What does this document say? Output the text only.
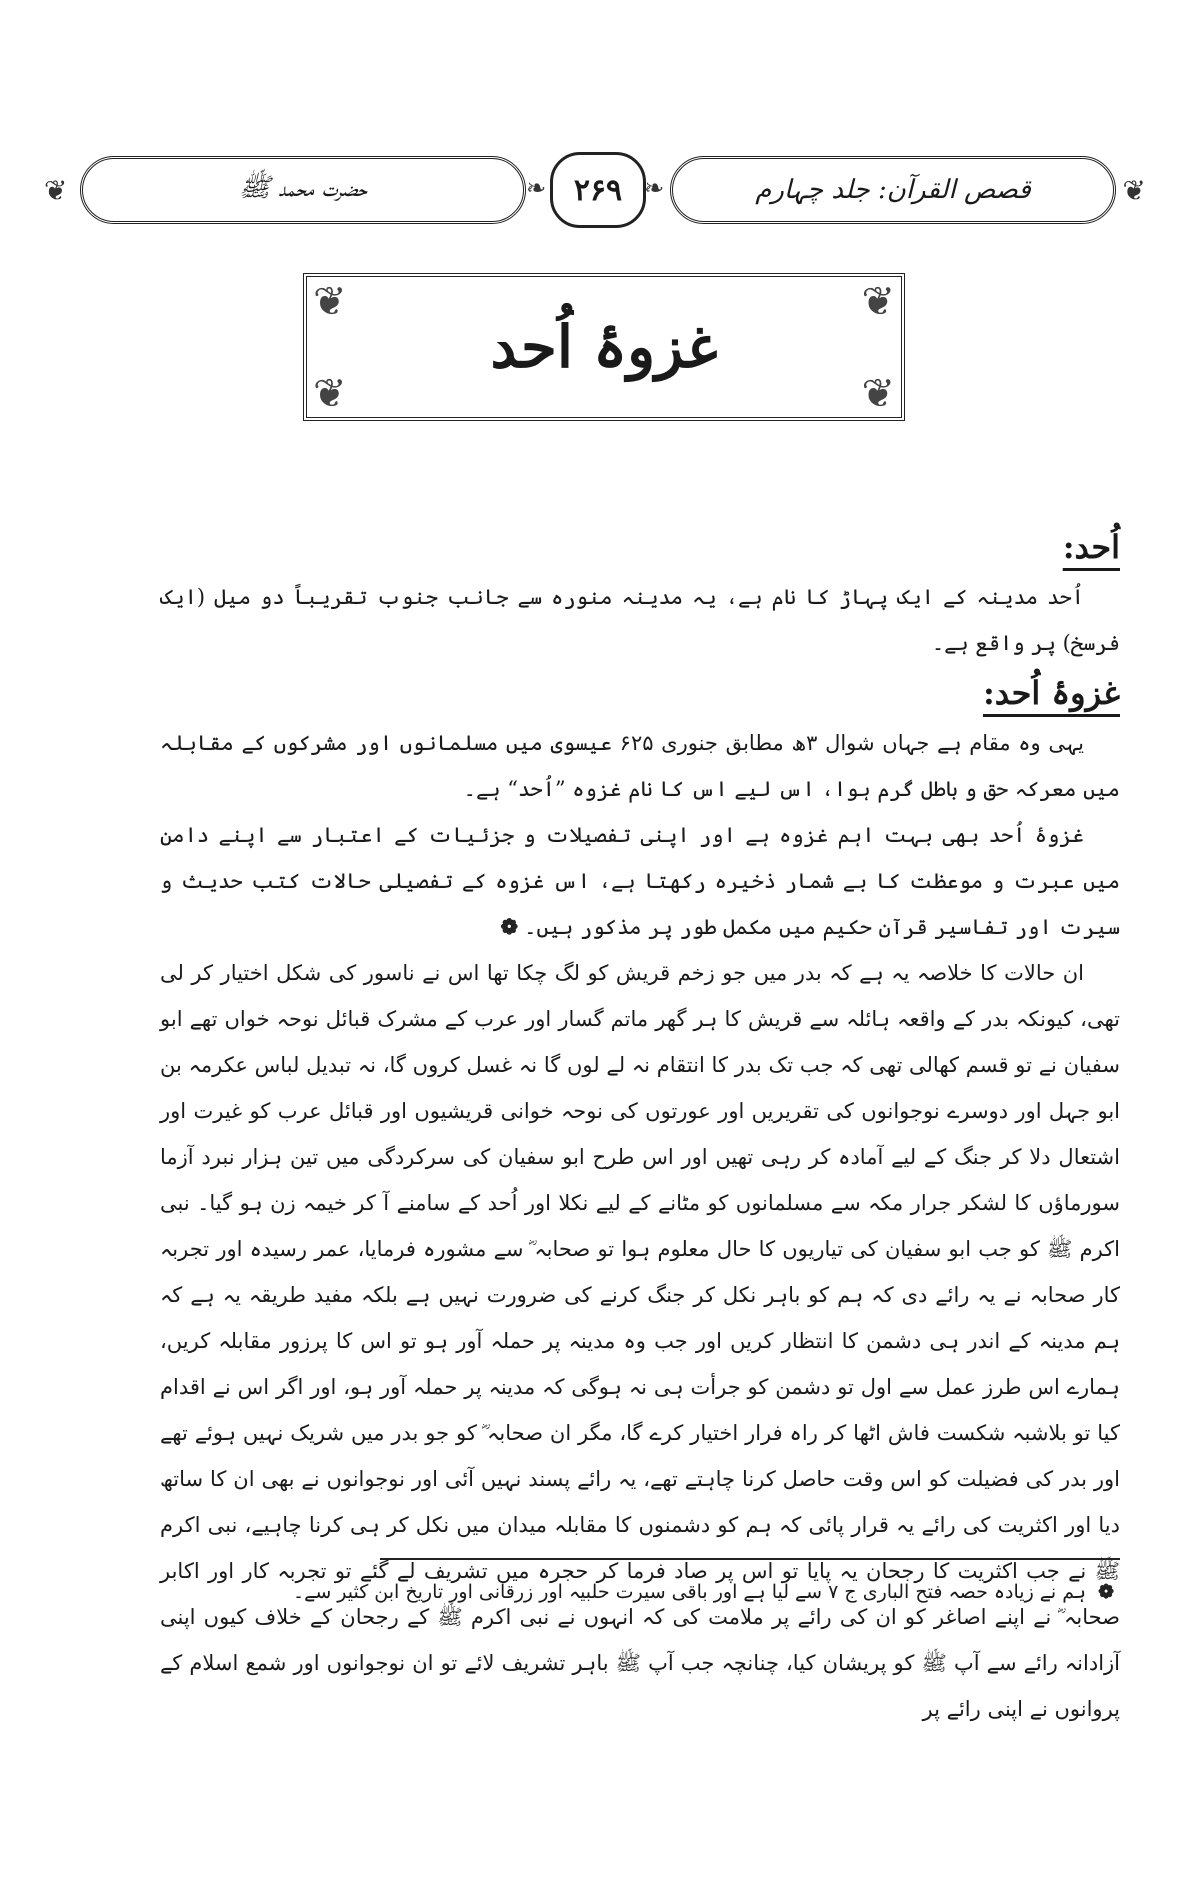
❦	حضرت محمد ﷺ	❧ ۲۶۹ ❧	قصص القرآن: جلد چہارم	❦
❦	❦
❦	❦
غزوۂ اُحد
اُحد:

اُحد مدینہ کے ایک پہاڑ کا نام ہے، یہ مدینہ منورہ سے جانب جنوب تقریباً دو میل (ایک فرسخ) پر واقع ہے۔

غزوۂ اُحد:

یہی وہ مقام ہے جہاں شوال ۳ھ مطابق جنوری ۶۲۵ عیسوی میں مسلمانوں اور مشرکوں کے مقابلہ میں معرکہ حق و باطل گرم ہوا، اس لیے اس کا نام غزوہ ”اُحد“ ہے۔

غزوۂ اُحد بھی بہت اہم غزوہ ہے اور اپنی تفصیلات و جزئیات کے اعتبار سے اپنے دامن میں عبرت و موعظت کا بے شمار ذخیرہ رکھتا ہے، اس غزوہ کے تفصیلی حالات کتب حدیث و سیرت اور تفاسیر قرآن حکیم میں مکمل طور پر مذکور ہیں۔❁

ان حالات کا خلاصہ یہ ہے کہ بدر میں جو زخم قریش کو لگ چکا تھا اس نے ناسور کی شکل اختیار کر لی تھی، کیونکہ بدر کے واقعہ ہائلہ سے قریش کا ہر گھر ماتم گسار اور عرب کے مشرک قبائل نوحہ خواں تھے ابو سفیان نے تو قسم کھالی تھی کہ جب تک بدر کا انتقام نہ لے لوں گا نہ غسل کروں گا، نہ تبدیل لباس عکرمہ بن ابو جہل اور دوسرے نوجوانوں کی تقریریں اور عورتوں کی نوحہ خوانی قریشیوں اور قبائل عرب کو غیرت اور اشتعال دلا کر جنگ کے لیے آمادہ کر رہی تھیں اور اس طرح ابو سفیان کی سرکردگی میں تین ہزار نبرد آزما سورماؤں کا لشکر جرار مکہ سے مسلمانوں کو مٹانے کے لیے نکلا اور اُحد کے سامنے آ کر خیمہ زن ہو گیا۔ نبی اکرم ﷺ کو جب ابو سفیان کی تیاریوں کا حال معلوم ہوا تو صحابہ ؓ سے مشورہ فرمایا، عمر رسیدہ اور تجربہ کار صحابہ نے یہ رائے دی کہ ہم کو باہر نکل کر جنگ کرنے کی ضرورت نہیں ہے بلکہ مفید طریقہ یہ ہے کہ ہم مدینہ کے اندر ہی دشمن کا انتظار کریں اور جب وہ مدینہ پر حملہ آور ہو تو اس کا پرزور مقابلہ کریں، ہمارے اس طرز عمل سے اول تو دشمن کو جرأت ہی نہ ہوگی کہ مدینہ پر حملہ آور ہو، اور اگر اس نے اقدام کیا تو بلاشبہ شکست فاش اٹھا کر راہ فرار اختیار کرے گا، مگر ان صحابہ ؓ کو جو بدر میں شریک نہیں ہوئے تھے اور بدر کی فضیلت کو اس وقت حاصل کرنا چاہتے تھے، یہ رائے پسند نہیں آئی اور نوجوانوں نے بھی ان کا ساتھ دیا اور اکثریت کی رائے یہ قرار پائی کہ ہم کو دشمنوں کا مقابلہ میدان میں نکل کر ہی کرنا چاہیے، نبی اکرم ﷺ نے جب اکثریت کا رجحان یہ پایا تو اس پر صاد فرما کر حجرہ میں تشریف لے گئے تو تجربہ کار اور اکابر صحابہ ؓ نے اپنے اصاغر کو ان کی رائے پر ملامت کی کہ انہوں نے نبی اکرم ﷺ کے رجحان کے خلاف کیوں اپنی آزادانہ رائے سے آپ ﷺ کو پریشان کیا، چنانچہ جب آپ ﷺ باہر تشریف لائے تو ان نوجوانوں اور شمع اسلام کے پروانوں نے اپنی رائے پر

❁ ہم نے زیادہ حصہ فتح الباری ج ۷ سے لیا ہے اور باقی سیرت حلبیہ اور زرقانی اور تاریخ ابن کثیر سے۔
